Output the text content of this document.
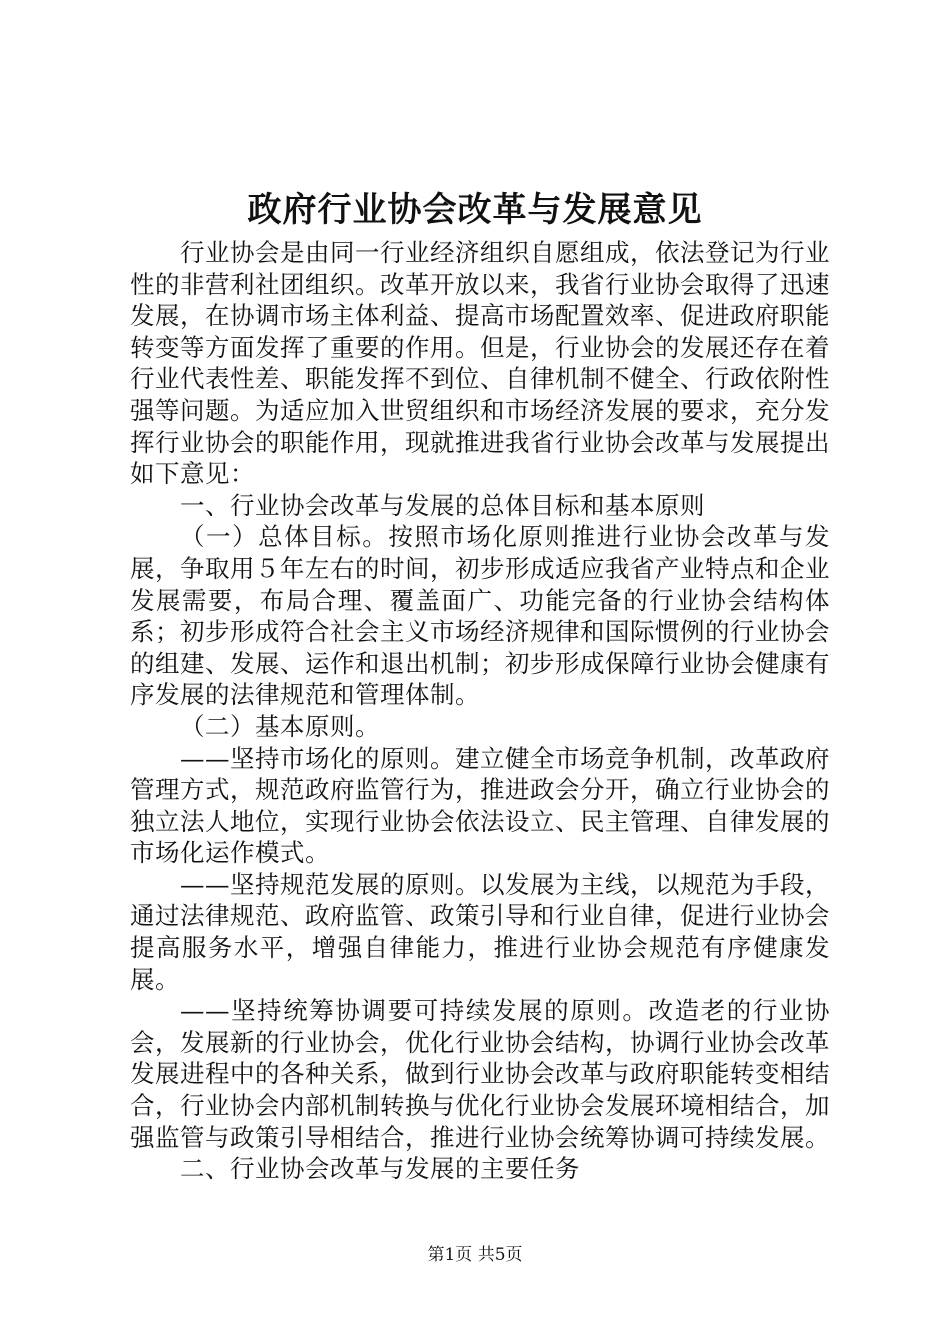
政府行业协会改革与发展意见

行业协会是由同一行业经济组织自愿组成，依法登记为行业性的非营利社团组织。改革开放以来，我省行业协会取得了迅速发展，在协调市场主体利益、提高市场配置效率、促进政府职能转变等方面发挥了重要的作用。但是，行业协会的发展还存在着行业代表性差、职能发挥不到位、自律机制不健全、行政依附性强等问题。为适应加入世贸组织和市场经济发展的要求，充分发挥行业协会的职能作用，现就推进我省行业协会改革与发展提出如下意见：

一、行业协会改革与发展的总体目标和基本原则

（一）总体目标。按照市场化原则推进行业协会改革与发展，争取用５年左右的时间，初步形成适应我省产业特点和企业发展需要，布局合理、覆盖面广、功能完备的行业协会结构体系；初步形成符合社会主义市场经济规律和国际惯例的行业协会的组建、发展、运作和退出机制；初步形成保障行业协会健康有序发展的法律规范和管理体制。

（二）基本原则。

——坚持市场化的原则。建立健全市场竞争机制，改革政府管理方式，规范政府监管行为，推进政会分开，确立行业协会的独立法人地位，实现行业协会依法设立、民主管理、自律发展的市场化运作模式。

——坚持规范发展的原则。以发展为主线，以规范为手段，通过法律规范、政府监管、政策引导和行业自律，促进行业协会提高服务水平，增强自律能力，推进行业协会规范有序健康发展。

——坚持统筹协调要可持续发展的原则。改造老的行业协会，发展新的行业协会，优化行业协会结构，协调行业协会改革发展进程中的各种关系，做到行业协会改革与政府职能转变相结合，行业协会内部机制转换与优化行业协会发展环境相结合，加强监管与政策引导相结合，推进行业协会统筹协调可持续发展。

二、行业协会改革与发展的主要任务

第1页 共5页
